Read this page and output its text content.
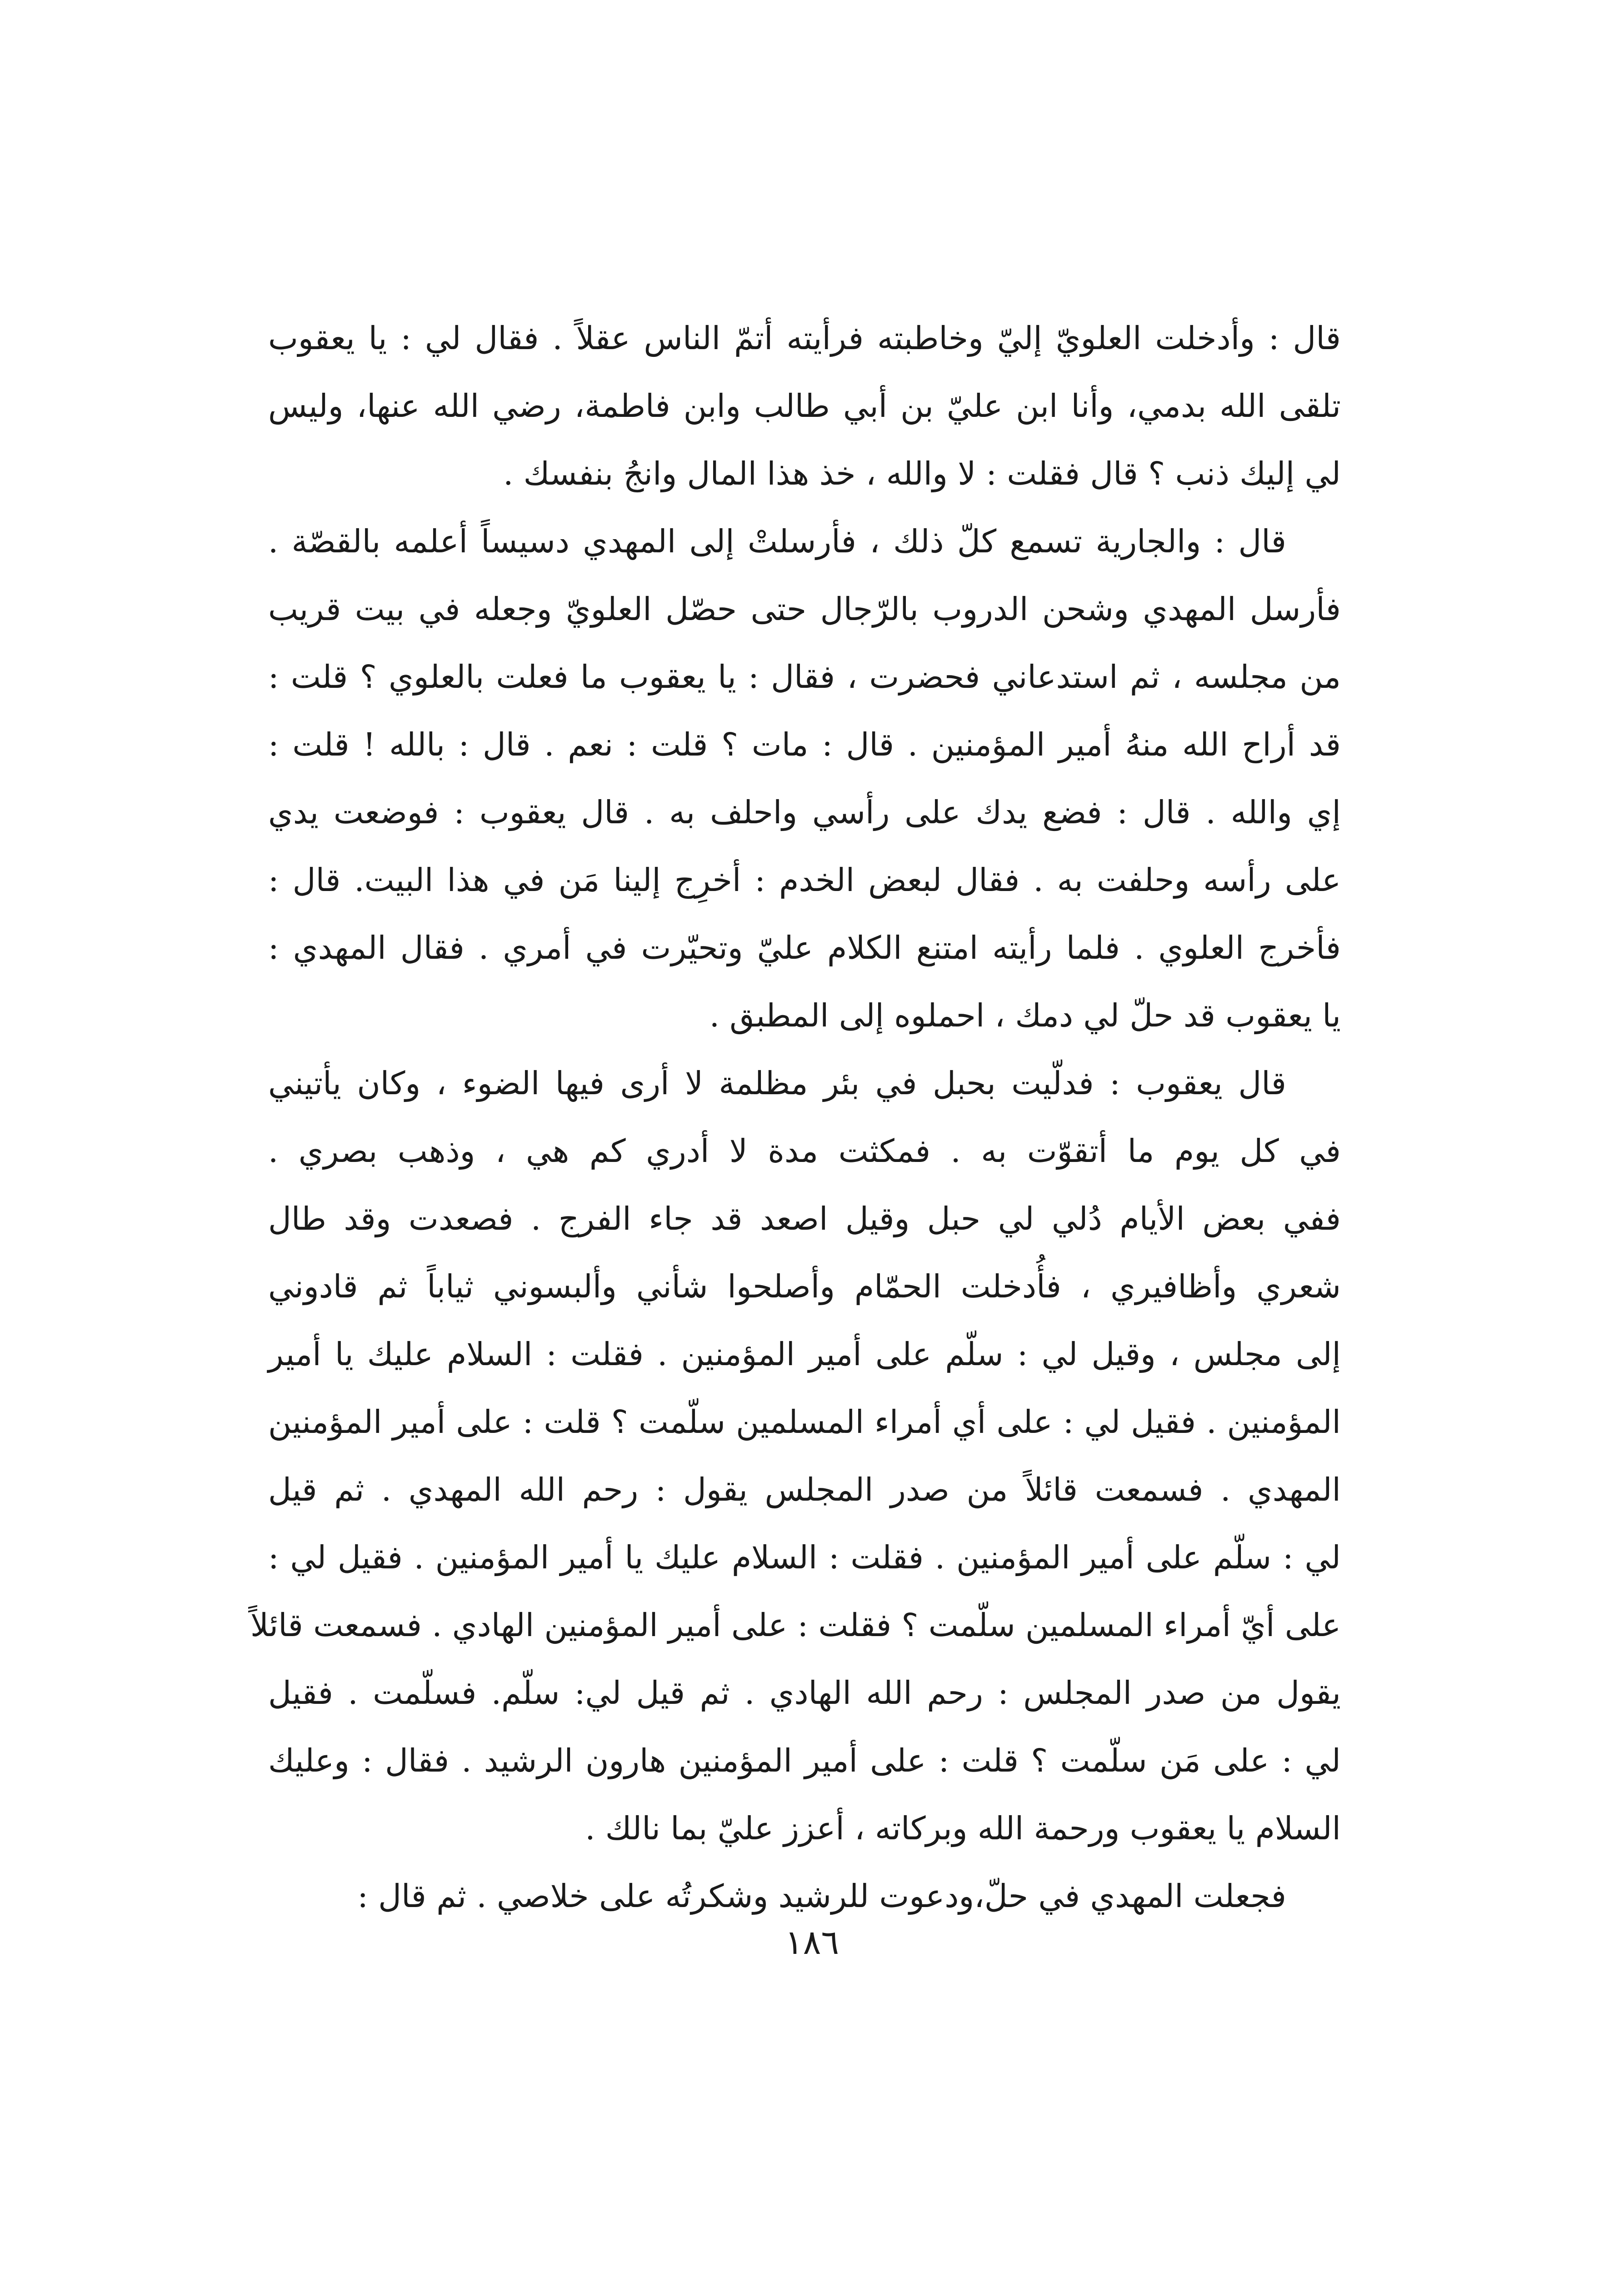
قال : وأدخلت العلويّ إليّ وخاطبته فرأيته أتمّ الناس عقلاً . فقال لي : يا يعقوب
تلقى الله بدمي، وأنا ابن عليّ بن أبي طالب وابن فاطمة، رضي الله عنها، وليس
لي إليك ذنب ؟ قال فقلت : لا والله ، خذ هذا المال وانجُ بنفسك .
قال : والجارية تسمع كلّ ذلك ، فأرسلتْ إلى المهدي دسيساً أعلمه بالقصّة .
فأرسل المهدي وشحن الدروب بالرّجال حتى حصّل العلويّ وجعله في بيت قريب
من مجلسه ، ثم استدعاني فحضرت ، فقال : يا يعقوب ما فعلت بالعلوي ؟ قلت :
قد أراح الله منهُ أمير المؤمنين . قال : مات ؟ قلت : نعم . قال : بالله ! قلت :
إي والله . قال : فضع يدك على رأسي واحلف به . قال يعقوب : فوضعت يدي
على رأسه وحلفت به . فقال لبعض الخدم : أخرِج إلينا مَن في هذا البيت. قال :
فأخرج العلوي . فلما رأيته امتنع الكلام عليّ وتحيّرت في أمري . فقال المهدي :
يا يعقوب قد حلّ لي دمك ، احملوه إلى المطبق .
قال يعقوب : فدلّيت بحبل في بئر مظلمة لا أرى فيها الضوء ، وكان يأتيني
في كل يوم ما أتقوّت به . فمكثت مدة لا أدري كم هي ، وذهب بصري .
ففي بعض الأيام دُلي لي حبل وقيل اصعد قد جاء الفرج . فصعدت وقد طال
شعري وأظافيري ، فأُدخلت الحمّام وأصلحوا شأني وألبسوني ثياباً ثم قادوني
إلى مجلس ، وقيل لي : سلّم على أمير المؤمنين . فقلت : السلام عليك يا أمير
المؤمنين . فقيل لي : على أي أمراء المسلمين سلّمت ؟ قلت : على أمير المؤمنين
المهدي . فسمعت قائلاً من صدر المجلس يقول : رحم الله المهدي . ثم قيل
لي : سلّم على أمير المؤمنين . فقلت : السلام عليك يا أمير المؤمنين . فقيل لي :
على أيّ أمراء المسلمين سلّمت ؟ فقلت : على أمير المؤمنين الهادي . فسمعت قائلاً
يقول من صدر المجلس : رحم الله الهادي . ثم قيل لي: سلّم. فسلّمت . فقيل
لي : على مَن سلّمت ؟ قلت : على أمير المؤمنين هارون الرشيد . فقال : وعليك
السلام يا يعقوب ورحمة الله وبركاته ، أعزز عليّ بما نالك .
فجعلت المهدي في حلّ،ودعوت للرشيد وشكرتُه على خلاصي . ثم قال :
١٨٦
